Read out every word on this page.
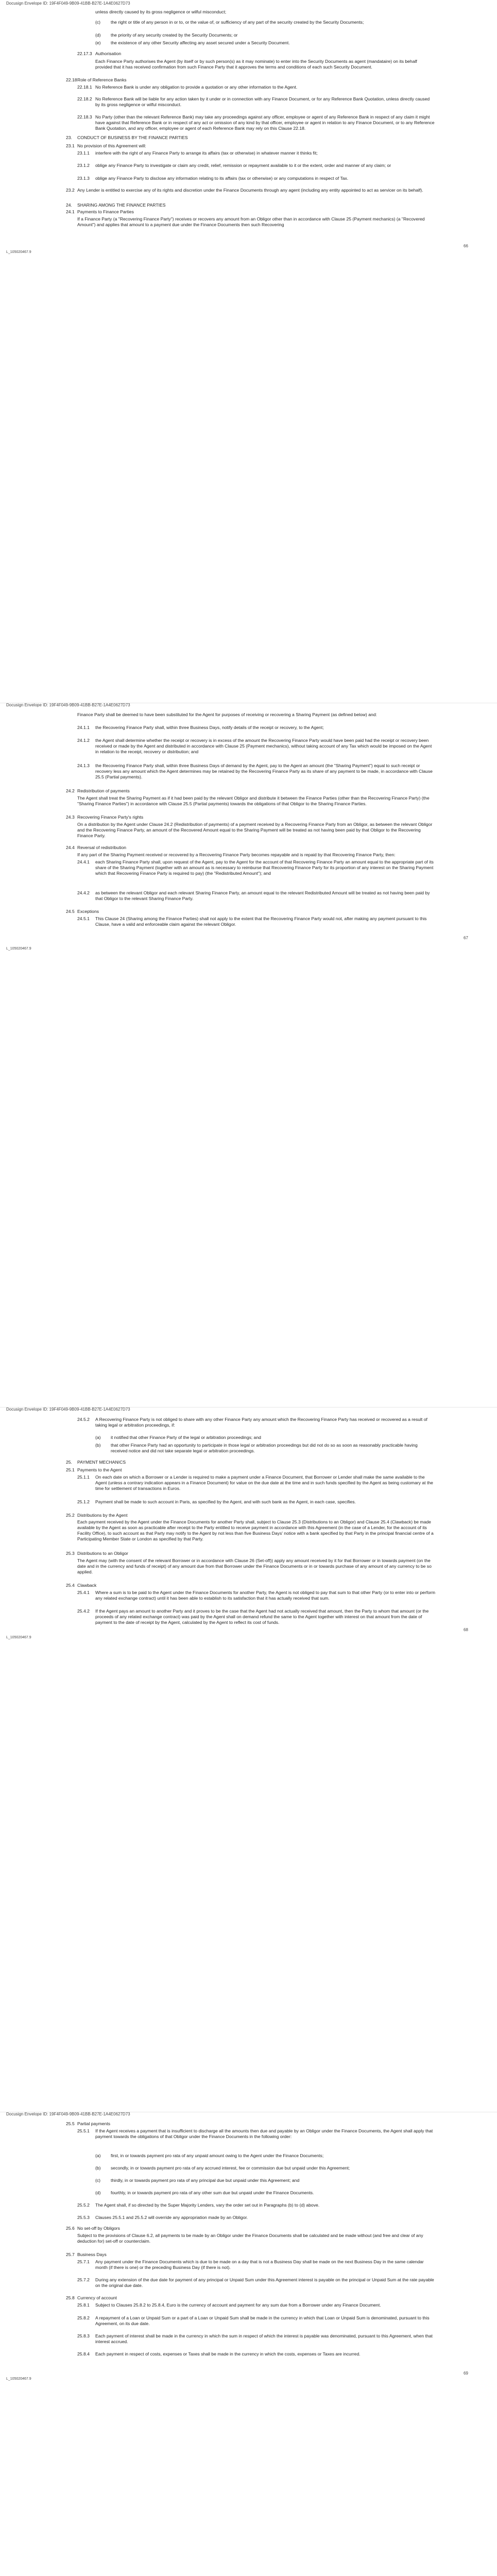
Docusign Envelope ID: 19F4F049-9B09-41BB-B27E-1A4E0627D73
unless directly caused by its gross negligence or wilful misconduct;
(c) the right or title of any person in or to, or the value of, or sufficiency of any part of the security created by the Security Documents;
(d) the priority of any security created by the Security Documents; or
(e) the existence of any other Security affecting any asset secured under a Security Document.
22.17.3 Authorisation
Each Finance Party authorises the Agent (by itself or by such person(s) as it may nominate) to enter into the Security Documents as agent (mandataire) on its behalf provided that it has received confirmation from such Finance Party that it approves the terms and conditions of each such Security Document.
22.18 Role of Reference Banks
22.18.1 No Reference Bank is under any obligation to provide a quotation or any other information to the Agent.
22.18.2 No Reference Bank will be liable for any action taken by it under or in connection with any Finance Document, or for any Reference Bank Quotation, unless directly caused by its gross negligence or wilful misconduct.
22.18.3 No Party (other than the relevant Reference Bank) may take any proceedings against any officer, employee or agent of any Reference Bank in respect of any claim it might have against that Reference Bank or in respect of any act or omission of any kind by that officer, employee or agent in relation to any Finance Document, or to any Reference Bank Quotation, and any officer, employee or agent of each Reference Bank may rely on this Clause 22.18.
23. CONDUCT OF BUSINESS BY THE FINANCE PARTIES
23.1 No provision of this Agreement will:
23.1.1 interfere with the right of any Finance Party to arrange its affairs (tax or otherwise) in whatever manner it thinks fit;
23.1.2 oblige any Finance Party to investigate or claim any credit, relief, remission or repayment available to it or the extent, order and manner of any claim; or
23.1.3 oblige any Finance Party to disclose any information relating to its affairs (tax or otherwise) or any computations in respect of Tax.
23.2 Any Lender is entitled to exercise any of its rights and discretion under the Finance Documents through any agent (including any entity appointed to act as servicer on its behalf).
24. SHARING AMONG THE FINANCE PARTIES
24.1 Payments to Finance Parties
If a Finance Party (a "Recovering Finance Party") receives or recovers any amount from an Obligor other than in accordance with Clause 25 (Payment mechanics) (a "Recovered Amount") and applies that amount to a payment due under the Finance Documents then such Recovering
66
L_105020467.9
Docusign Envelope ID: 19F4F049-9B09-41BB-B27E-1A4E0627D73
Finance Party shall be deemed to have been substituted for the Agent for purposes of receiving or recovering a Sharing Payment (as defined below) and:
24.1.1 the Recovering Finance Party shall, within three Business Days, notify details of the receipt or recovery, to the Agent;
24.1.2 the Agent shall determine whether the receipt or recovery is in excess of the amount the Recovering Finance Party would have been paid had the receipt or recovery been received or made by the Agent and distributed in accordance with Clause 25 (Payment mechanics), without taking account of any Tax which would be imposed on the Agent in relation to the receipt, recovery or distribution; and
24.1.3 the Recovering Finance Party shall, within three Business Days of demand by the Agent, pay to the Agent an amount (the "Sharing Payment") equal to such receipt or recovery less any amount which the Agent determines may be retained by the Recovering Finance Party as its share of any payment to be made, in accordance with Clause 25.5 (Partial payments).
24.2 Redistribution of payments
The Agent shall treat the Sharing Payment as if it had been paid by the relevant Obligor and distribute it between the Finance Parties (other than the Recovering Finance Party) (the "Sharing Finance Parties") in accordance with Clause 25.5 (Partial payments) towards the obligations of that Obligor to the Sharing Finance Parties.
24.3 Recovering Finance Party's rights
On a distribution by the Agent under Clause 24.2 (Redistribution of payments) of a payment received by a Recovering Finance Party from an Obligor, as between the relevant Obligor and the Recovering Finance Party, an amount of the Recovered Amount equal to the Sharing Payment will be treated as not having been paid by that Obligor to the Recovering Finance Party.
24.4 Reversal of redistribution
If any part of the Sharing Payment received or recovered by a Recovering Finance Party becomes repayable and is repaid by that Recovering Finance Party, then:
24.4.1 each Sharing Finance Party shall, upon request of the Agent, pay to the Agent for the account of that Recovering Finance Party an amount equal to the appropriate part of its share of the Sharing Payment (together with an amount as is necessary to reimburse that Recovering Finance Party for its proportion of any interest on the Sharing Payment which that Recovering Finance Party is required to pay) (the "Redistributed Amount"); and
24.4.2 as between the relevant Obligor and each relevant Sharing Finance Party, an amount equal to the relevant Redistributed Amount will be treated as not having been paid by that Obligor to the relevant Sharing Finance Party.
24.5 Exceptions
24.5.1 This Clause 24 (Sharing among the Finance Parties) shall not apply to the extent that the Recovering Finance Party would not, after making any payment pursuant to this Clause, have a valid and enforceable claim against the relevant Obligor.
67
L_105020467.9
Docusign Envelope ID: 19F4F049-9B09-41BB-B27E-1A4E0627D73
24.5.2 A Recovering Finance Party is not obliged to share with any other Finance Party any amount which the Recovering Finance Party has received or recovered as a result of taking legal or arbitration proceedings, if:
(a) it notified that other Finance Party of the legal or arbitration proceedings; and
(b) that other Finance Party had an opportunity to participate in those legal or arbitration proceedings but did not do so as soon as reasonably practicable having received notice and did not take separate legal or arbitration proceedings.
25. PAYMENT MECHANICS
25.1 Payments to the Agent
25.1.1 On each date on which a Borrower or a Lender is required to make a payment under a Finance Document, that Borrower or Lender shall make the same available to the Agent (unless a contrary indication appears in a Finance Document) for value on the due date at the time and in such funds specified by the Agent as being customary at the time for settlement of transactions in Euros.
25.1.2 Payment shall be made to such account in Paris, as specified by the Agent, and with such bank as the Agent, in each case, specifies.
25.2 Distributions by the Agent
Each payment received by the Agent under the Finance Documents for another Party shall, subject to Clause 25.3 (Distributions to an Obligor) and Clause 25.4 (Clawback) be made available by the Agent as soon as practicable after receipt to the Party entitled to receive payment in accordance with this Agreement (in the case of a Lender, for the account of its Facility Office), to such account as that Party may notify to the Agent by not less than five Business Days' notice with a bank specified by that Party in the principal financial centre of a Participating Member State or London as specified by that Party.
25.3 Distributions to an Obligor
The Agent may (with the consent of the relevant Borrower or in accordance with Clause 26 (Set-off)) apply any amount received by it for that Borrower or in towards payment (on the date and in the currency and funds of receipt) of any amount due from that Borrower under the Finance Documents or in or towards purchase of any amount of any currency to be so applied.
25.4 Clawback
25.4.1 Where a sum is to be paid to the Agent under the Finance Documents for another Party, the Agent is not obliged to pay that sum to that other Party (or to enter into or perform any related exchange contract) until it has been able to establish to its satisfaction that it has actually received that sum.
25.4.2 If the Agent pays an amount to another Party and it proves to be the case that the Agent had not actually received that amount, then the Party to whom that amount (or the proceeds of any related exchange contract) was paid by the Agent shall on demand refund the same to the Agent together with interest on that amount from the date of payment to the date of receipt by the Agent, calculated by the Agent to reflect its cost of funds.
68
L_105020467.9
Docusign Envelope ID: 19F4F049-9B09-41BB-B27E-1A4E0627D73
25.5 Partial payments
25.5.1 If the Agent receives a payment that is insufficient to discharge all the amounts then due and payable by an Obligor under the Finance Documents, the Agent shall apply that payment towards the obligations of that Obligor under the Finance Documents in the following order:
(a) first, in or towards payment pro rata of any unpaid amount owing to the Agent under the Finance Documents;
(b) secondly, in or towards payment pro rata of any accrued interest, fee or commission due but unpaid under this Agreement;
(c) thirdly, in or towards payment pro rata of any principal due but unpaid under this Agreement; and
(d) fourthly, in or towards payment pro rata of any other sum due but unpaid under the Finance Documents.
25.5.2 The Agent shall, if so directed by the Super Majority Lenders, vary the order set out in Paragraphs (b) to (d) above.
25.5.3 Clauses 25.5.1 and 25.5.2 will override any appropriation made by an Obligor.
25.6 No set-off by Obligors
Subject to the provisions of Clause 6.2, all payments to be made by an Obligor under the Finance Documents shall be calculated and be made without (and free and clear of any deduction for) set-off or counterclaim.
25.7 Business Days
25.7.1 Any payment under the Finance Documents which is due to be made on a day that is not a Business Day shall be made on the next Business Day in the same calendar month (if there is one) or the preceding Business Day (if there is not).
25.7.2 During any extension of the due date for payment of any principal or Unpaid Sum under this Agreement interest is payable on the principal or Unpaid Sum at the rate payable on the original due date.
25.8 Currency of account
25.8.1 Subject to Clauses 25.8.2 to 25.8.4, Euro is the currency of account and payment for any sum due from a Borrower under any Finance Document.
25.8.2 A repayment of a Loan or Unpaid Sum or a part of a Loan or Unpaid Sum shall be made in the currency in which that Loan or Unpaid Sum is denominated, pursuant to this Agreement, on its due date.
25.8.3 Each payment of interest shall be made in the currency in which the sum in respect of which the interest is payable was denominated, pursuant to this Agreement, when that interest accrued.
25.8.4 Each payment in respect of costs, expenses or Taxes shall be made in the currency in which the costs, expenses or Taxes are incurred.
69
L_105020467.9
